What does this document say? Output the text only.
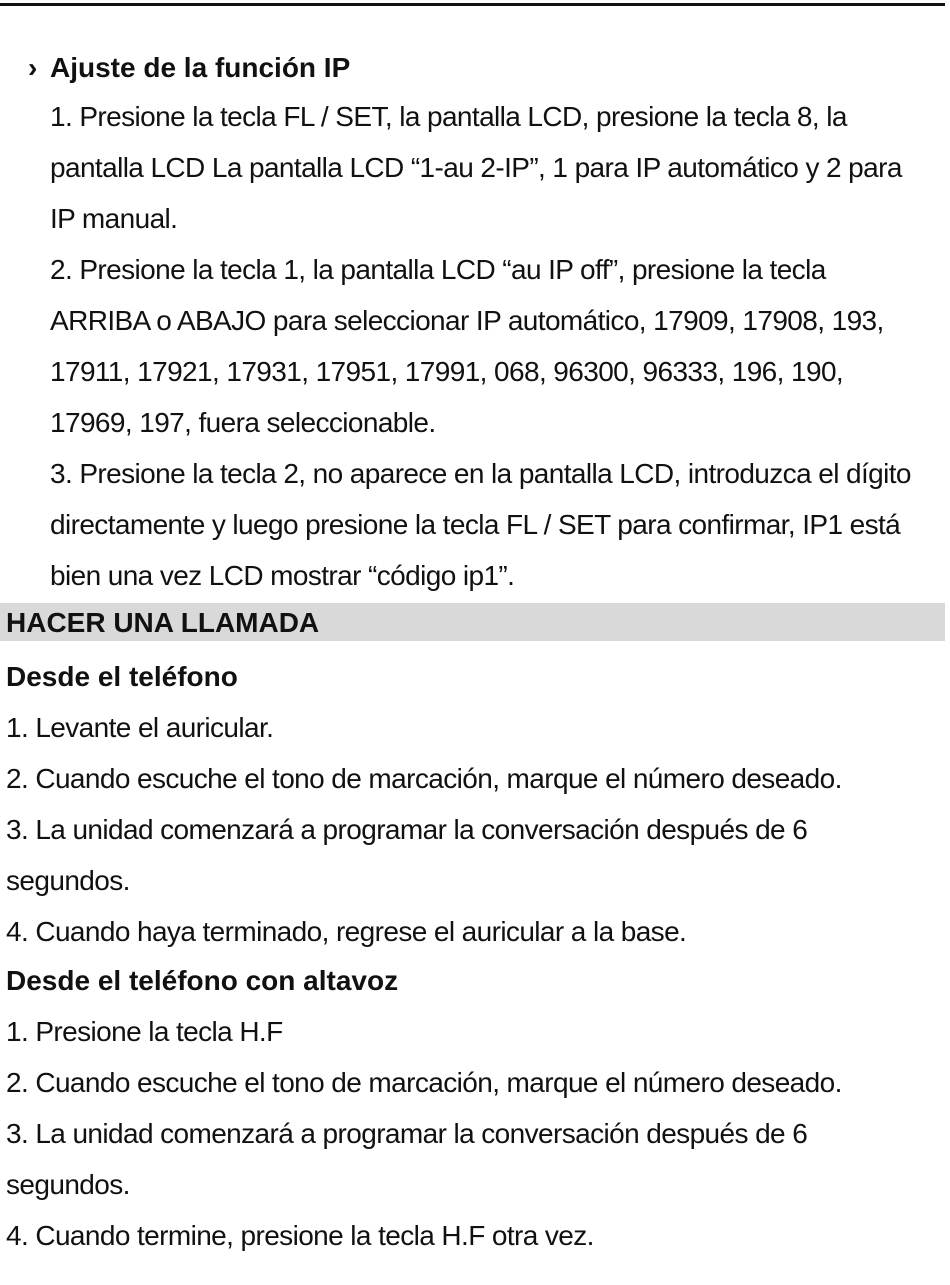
› Ajuste de la función IP
1. Presione la tecla FL / SET, la pantalla LCD, presione la tecla 8, la pantalla LCD La pantalla LCD “1-au 2-IP”, 1 para IP automático y 2 para IP manual.
2. Presione la tecla 1, la pantalla LCD “au IP off”, presione la tecla ARRIBA o ABAJO para seleccionar IP automático, 17909, 17908, 193, 17911, 17921, 17931, 17951, 17991, 068, 96300, 96333, 196, 190, 17969, 197, fuera seleccionable.
3. Presione la tecla 2, no aparece en la pantalla LCD, introduzca el dígito directamente y luego presione la tecla FL / SET para confirmar, IP1 está bien una vez LCD mostrar “código ip1”.
HACER UNA LLAMADA
Desde el teléfono
1. Levante el auricular.
2. Cuando escuche el tono de marcación, marque el número deseado.
3. La unidad comenzará a programar la conversación después de 6 segundos.
4. Cuando haya terminado, regrese el auricular a la base.
Desde el teléfono con altavoz
1. Presione la tecla H.F
2. Cuando escuche el tono de marcación, marque el número deseado.
3. La unidad comenzará a programar la conversación después de 6 segundos.
4. Cuando termine, presione la tecla H.F otra vez.
